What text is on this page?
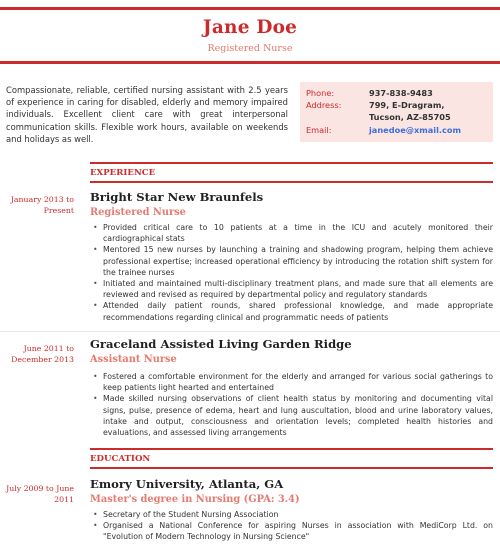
Jane Doe
Registered Nurse
Compassionate, reliable, certified nursing assistant with 2.5 years of experience in caring for disabled, elderly and memory impaired individuals. Excellent client care with great interpersonal communication skills. Flexible work hours, available on weekends and holidays as well.
Phone:	937-838-9483
Address:	799, E-Dragram,
Tucson, AZ-85705
Email:	janedoe@xmail.com
EXPERIENCE
January 2013 to
Present
Bright Star New Braunfels
Registered Nurse
• Provided critical care to 10 patients at a time in the ICU and acutely monitored their cardiographical stats
• Mentored 15 new nurses by launching a training and shadowing program, helping them achieve professional expertise; increased operational efficiency by introducing the rotation shift system for the trainee nurses
• Initiated and maintained multi-disciplinary treatment plans, and made sure that all elements are reviewed and revised as required by departmental policy and regulatory standards
• Attended daily patient rounds, shared professional knowledge, and made appropriate recommendations regarding clinical and programmatic needs of patients
June 2011 to
December 2013
Graceland Assisted Living Garden Ridge
Assistant Nurse
• Fostered a comfortable environment for the elderly and arranged for various social gatherings to keep patients light hearted and entertained
• Made skilled nursing observations of client health status by monitoring and documenting vital signs, pulse, presence of edema, heart and lung auscultation, blood and urine laboratory values, intake and output, consciousness and orientation levels; completed health histories and evaluations, and assessed living arrangements
EDUCATION
July 2009 to June
2011
Emory University, Atlanta, GA
Master's degree in Nursing (GPA: 3.4)
• Secretary of the Student Nursing Association
• Organised a National Conference for aspiring Nurses in association with MediCorp Ltd. on "Evolution of Modern Technology in Nursing Science"
